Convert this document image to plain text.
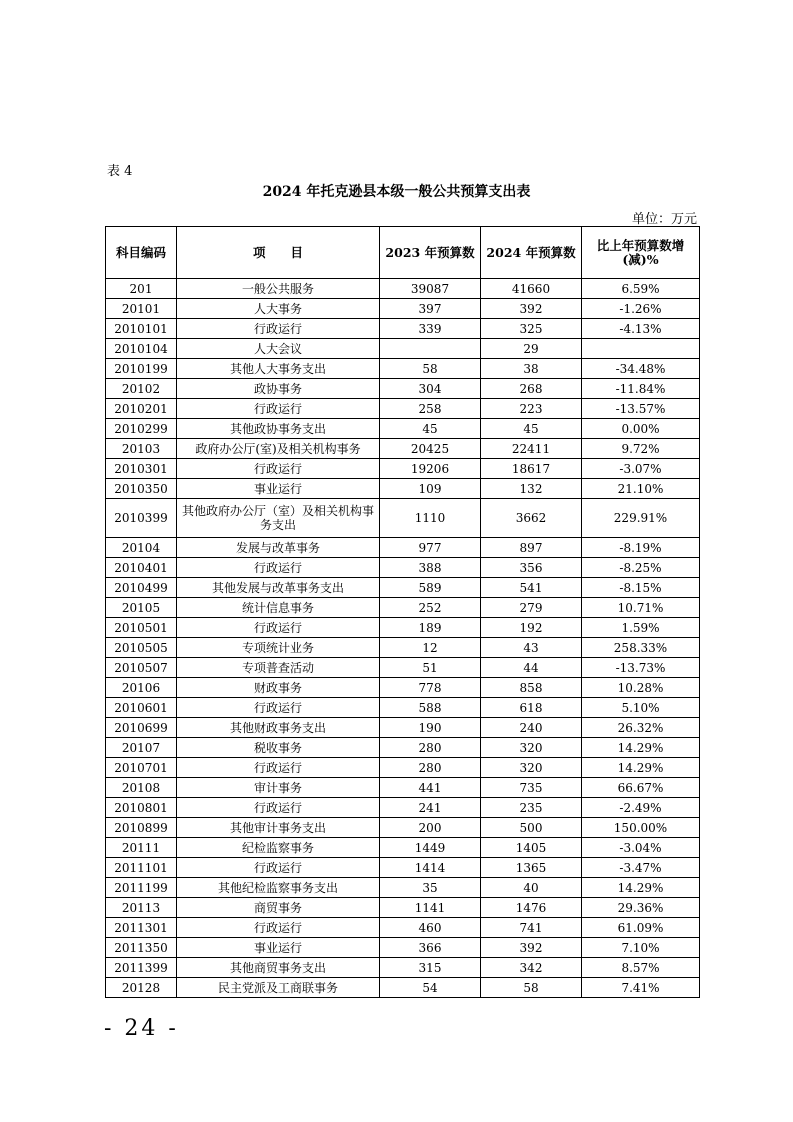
表 4
2024 年托克逊县本级一般公共预算支出表
单位：万元
科目编码	项　　目	2023 年预算数	2024 年预算数	比上年预算数增(减)%
201	一般公共服务	39087	41660	6.59%
20101	人大事务	397	392	-1.26%
2010101	行政运行	339	325	-4.13%
2010104	人大会议		29	
2010199	其他人大事务支出	58	38	-34.48%
20102	政协事务	304	268	-11.84%
2010201	行政运行	258	223	-13.57%
2010299	其他政协事务支出	45	45	0.00%
20103	政府办公厅(室)及相关机构事务	20425	22411	9.72%
2010301	行政运行	19206	18617	-3.07%
2010350	事业运行	109	132	21.10%
2010399	其他政府办公厅（室）及相关机构事务支出	1110	3662	229.91%
20104	发展与改革事务	977	897	-8.19%
2010401	行政运行	388	356	-8.25%
2010499	其他发展与改革事务支出	589	541	-8.15%
20105	统计信息事务	252	279	10.71%
2010501	行政运行	189	192	1.59%
2010505	专项统计业务	12	43	258.33%
2010507	专项普查活动	51	44	-13.73%
20106	财政事务	778	858	10.28%
2010601	行政运行	588	618	5.10%
2010699	其他财政事务支出	190	240	26.32%
20107	税收事务	280	320	14.29%
2010701	行政运行	280	320	14.29%
20108	审计事务	441	735	66.67%
2010801	行政运行	241	235	-2.49%
2010899	其他审计事务支出	200	500	150.00%
20111	纪检监察事务	1449	1405	-3.04%
2011101	行政运行	1414	1365	-3.47%
2011199	其他纪检监察事务支出	35	40	14.29%
20113	商贸事务	1141	1476	29.36%
2011301	行政运行	460	741	61.09%
2011350	事业运行	366	392	7.10%
2011399	其他商贸事务支出	315	342	8.57%
20128	民主党派及工商联事务	54	58	7.41%
- 24 -
